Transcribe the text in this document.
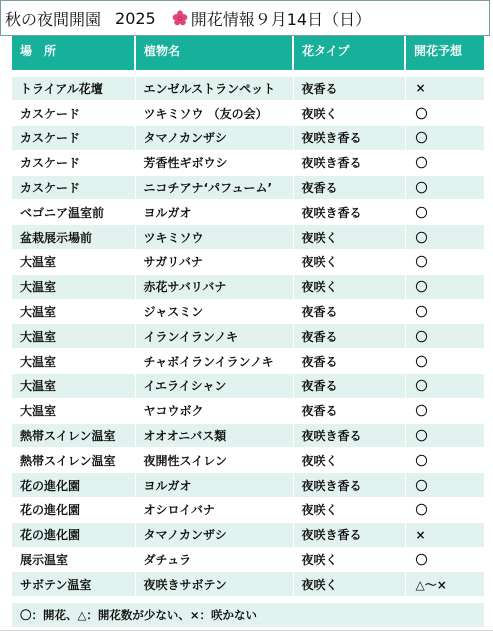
秋の夜間開園 2025 開花情報９月14日（日）
場　所	植物名	花タイプ	開花予想

トライアル花壇	エンゼルストランペット	夜香る	×
カスケード	ツキミソウ （友の会）	夜咲く	〇
カスケード	タマノカンザシ	夜咲き香る	〇
カスケード	芳香性ギボウシ	夜咲き香る	〇
カスケード	ニコチアナ‘パフューム’	夜香る	〇
ベゴニア温室前	ヨルガオ	夜咲き香る	〇
盆栽展示場前	ツキミソウ	夜咲く	〇
大温室	サガリバナ	夜咲く	〇
大温室	赤花サバリバナ	夜咲く	〇
大温室	ジャスミン	夜香る	〇
大温室	イランイランノキ	夜香る	〇
大温室	チャボイランイランノキ	夜香る	〇
大温室	イエライシャン	夜香る	〇
大温室	ヤコウボク	夜香る	〇
熱帯スイレン温室	オオオニバス類	夜咲き香る	〇
熱帯スイレン温室	夜開性スイレン	夜咲く	〇
花の進化園	ヨルガオ	夜咲き香る	〇
花の進化園	オシロイバナ	夜咲く	〇
花の進化園	タマノカンザシ	夜咲き香る	×
展示温室	ダチュラ	夜咲く	〇
サボテン温室	夜咲きサボテン	夜咲く	△～×
〇：開花、△：開花数が少ない、×：咲かない
